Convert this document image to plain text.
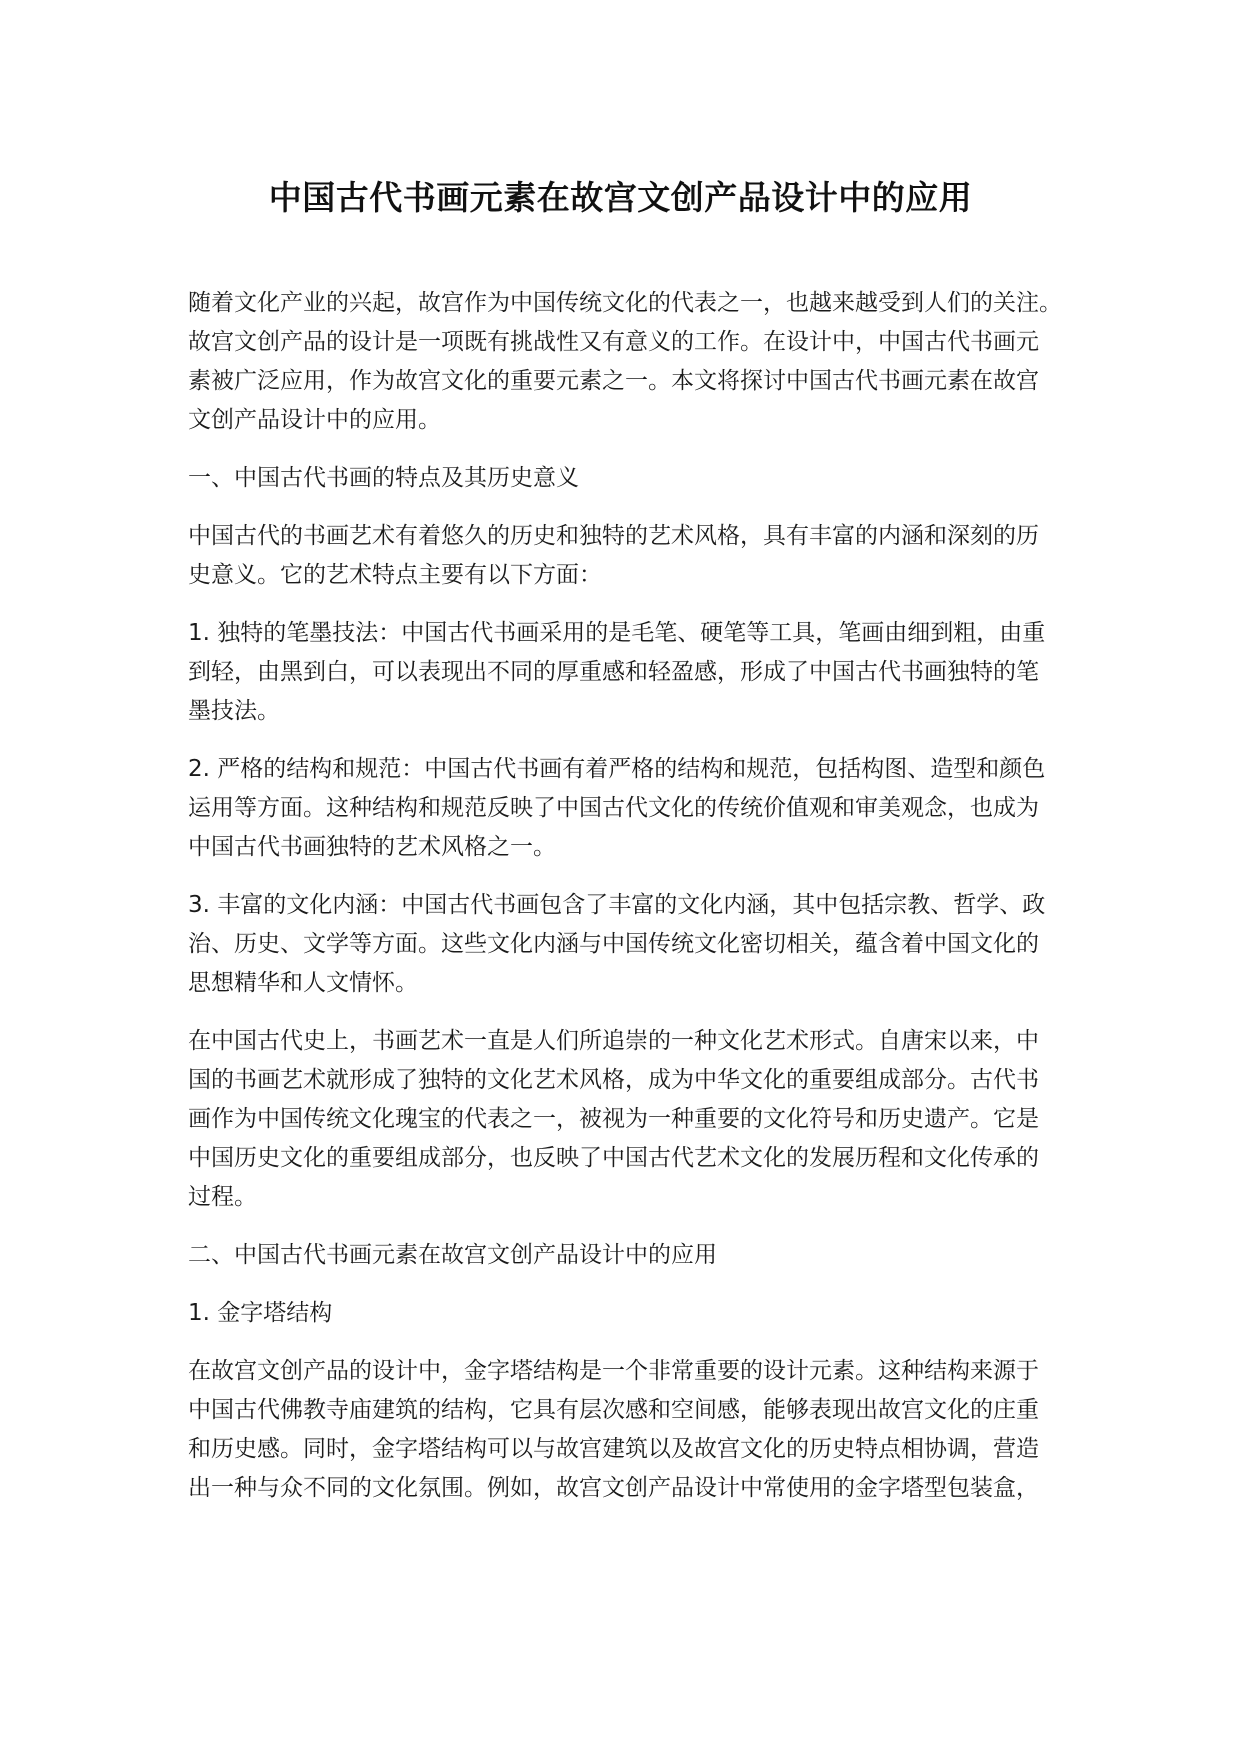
中国古代书画元素在故宫文创产品设计中的应用
随着文化产业的兴起，故宫作为中国传统文化的代表之一，也越来越受到人们的关注。
故宫文创产品的设计是一项既有挑战性又有意义的工作。在设计中，中国古代书画元
素被广泛应用，作为故宫文化的重要元素之一。本文将探讨中国古代书画元素在故宫
文创产品设计中的应用。
一、中国古代书画的特点及其历史意义
中国古代的书画艺术有着悠久的历史和独特的艺术风格，具有丰富的内涵和深刻的历
史意义。它的艺术特点主要有以下方面：
1. 独特的笔墨技法：中国古代书画采用的是毛笔、硬笔等工具，笔画由细到粗，由重
到轻，由黑到白，可以表现出不同的厚重感和轻盈感，形成了中国古代书画独特的笔
墨技法。
2. 严格的结构和规范：中国古代书画有着严格的结构和规范，包括构图、造型和颜色
运用等方面。这种结构和规范反映了中国古代文化的传统价值观和审美观念，也成为
中国古代书画独特的艺术风格之一。
3. 丰富的文化内涵：中国古代书画包含了丰富的文化内涵，其中包括宗教、哲学、政
治、历史、文学等方面。这些文化内涵与中国传统文化密切相关，蕴含着中国文化的
思想精华和人文情怀。
在中国古代史上，书画艺术一直是人们所追崇的一种文化艺术形式。自唐宋以来，中
国的书画艺术就形成了独特的文化艺术风格，成为中华文化的重要组成部分。古代书
画作为中国传统文化瑰宝的代表之一，被视为一种重要的文化符号和历史遗产。它是
中国历史文化的重要组成部分，也反映了中国古代艺术文化的发展历程和文化传承的
过程。
二、中国古代书画元素在故宫文创产品设计中的应用
1. 金字塔结构
在故宫文创产品的设计中，金字塔结构是一个非常重要的设计元素。这种结构来源于
中国古代佛教寺庙建筑的结构，它具有层次感和空间感，能够表现出故宫文化的庄重
和历史感。同时，金字塔结构可以与故宫建筑以及故宫文化的历史特点相协调，营造
出一种与众不同的文化氛围。例如，故宫文创产品设计中常使用的金字塔型包装盒，
